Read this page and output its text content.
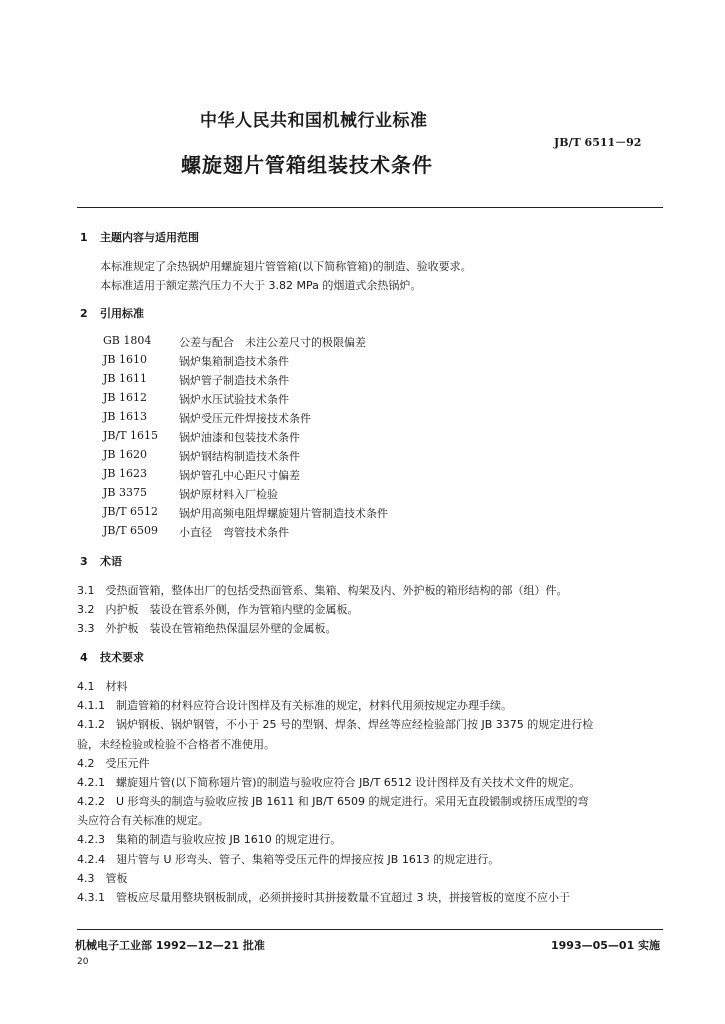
中华人民共和国机械行业标准
JB/T 6511－92
螺旋翅片管箱组装技术条件
1 主题内容与适用范围
本标准规定了余热锅炉用螺旋翅片管管箱(以下简称管箱)的制造、验收要求。
本标准适用于额定蒸汽压力不大于 3.82 MPa 的烟道式余热锅炉。
2 引用标准
GB 1804	公差与配合　未注公差尺寸的极限偏差
JB 1610	锅炉集箱制造技术条件
JB 1611	锅炉管子制造技术条件
JB 1612	锅炉水压试验技术条件
JB 1613	锅炉受压元件焊接技术条件
JB/T 1615 锅炉油漆和包装技术条件
JB 1620	锅炉钢结构制造技术条件
JB 1623	锅炉管孔中心距尺寸偏差
JB 3375	锅炉原材料入厂检验
JB/T 6512 锅炉用高频电阻焊螺旋翅片管制造技术条件
JB/T 6509 小直径　弯管技术条件
3 术语
3.1　受热面管箱，整体出厂的包括受热面管系、集箱、构架及内、外护板的箱形结构的部（组）件。
3.2　内护板　装设在管系外侧，作为管箱内壁的金属板。
3.3　外护板　装设在管箱绝热保温层外壁的金属板。
4 技术要求
4.1　材料
4.1.1　制造管箱的材料应符合设计图样及有关标准的规定，材料代用须按规定办理手续。
4.1.2　锅炉钢板、锅炉钢管，不小于 25 号的型钢、焊条、焊丝等应经检验部门按 JB 3375 的规定进行检
验，未经检验或检验不合格者不准使用。
4.2　受压元件
4.2.1　螺旋翅片管(以下简称翅片管)的制造与验收应符合 JB/T 6512 设计图样及有关技术文件的规定。
4.2.2　U 形弯头的制造与验收应按 JB 1611 和 JB/T 6509 的规定进行。采用无直段锻制或挤压成型的弯
头应符合有关标准的规定。
4.2.3　集箱的制造与验收应按 JB 1610 的规定进行。
4.2.4　翅片管与 U 形弯头、管子、集箱等受压元件的焊接应按 JB 1613 的规定进行。
4.3　管板
4.3.1　管板应尽量用整块钢板制成，必须拼接时其拼接数量不宜超过 3 块，拼接管板的宽度不应小于
机械电子工业部 1992—12—21 批准	1993—05—01 实施
20
